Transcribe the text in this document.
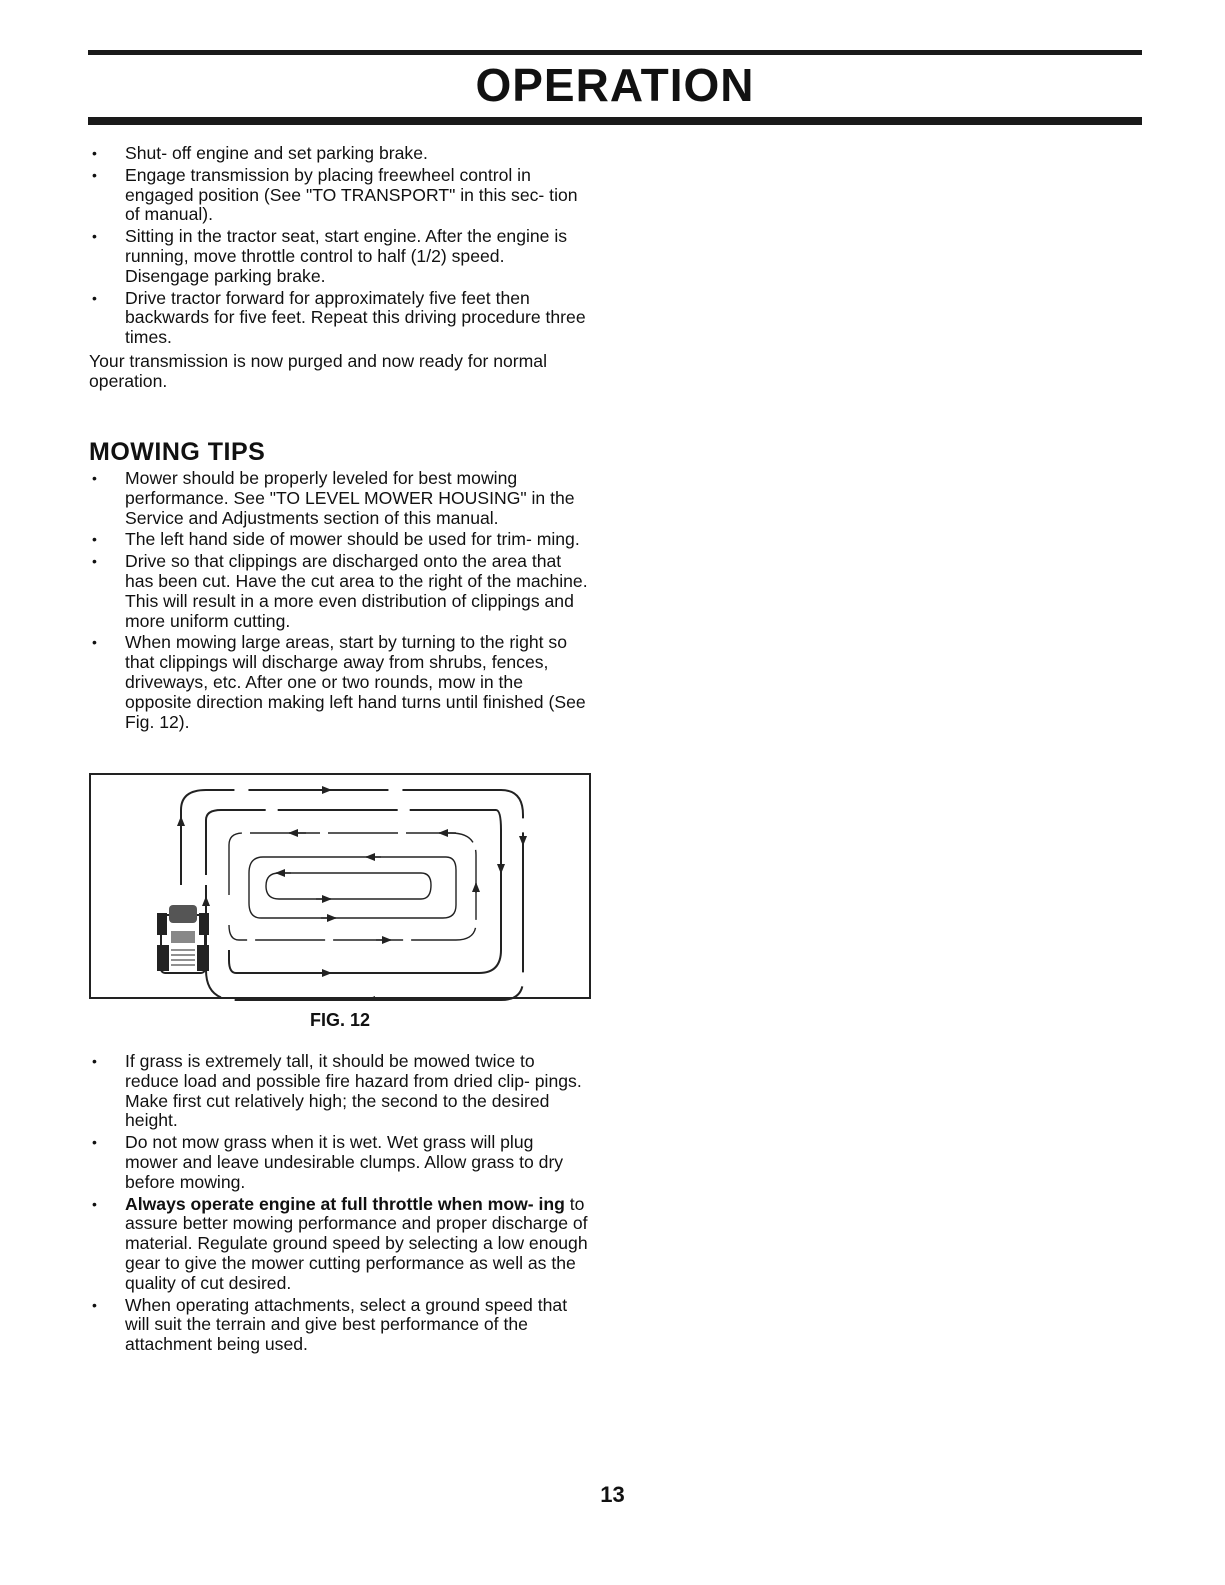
OPERATION
• Shut- off engine and set parking brake.
• Engage transmission by placing freewheel control in engaged position (See "TO TRANSPORT" in this sec- tion of manual).
• Sitting in the tractor seat, start engine. After the engine is running, move throttle control to half (1/2) speed. Disengage parking brake.
• Drive tractor forward for approximately five feet then backwards for five feet. Repeat this driving procedure three times.

Your transmission is now purged and now ready for normal operation.

MOWING TIPS
• Mower should be properly leveled for best mowing performance. See "TO LEVEL MOWER HOUSING" in the Service and Adjustments section of this manual.
• The left hand side of mower should be used for trim- ming.
• Drive so that clippings are discharged onto the area that has been cut. Have the cut area to the right of the machine. This will result in a more even distribution of clippings and more uniform cutting.
• When mowing large areas, start by turning to the right so that clippings will discharge away from shrubs, fences, driveways, etc. After one or two rounds, mow in the opposite direction making left hand turns until finished (See Fig. 12).
FIG. 12
• If grass is extremely tall, it should be mowed twice to reduce load and possible fire hazard from dried clip- pings. Make first cut relatively high; the second to the desired height.
• Do not mow grass when it is wet. Wet grass will plug mower and leave undesirable clumps. Allow grass to dry before mowing.
• Always operate engine at full throttle when mow- ing to assure better mowing performance and proper discharge of material. Regulate ground speed by selecting a low enough gear to give the mower cutting performance as well as the quality of cut desired.
• When operating attachments, select a ground speed that will suit the terrain and give best performance of the attachment being used.
13
